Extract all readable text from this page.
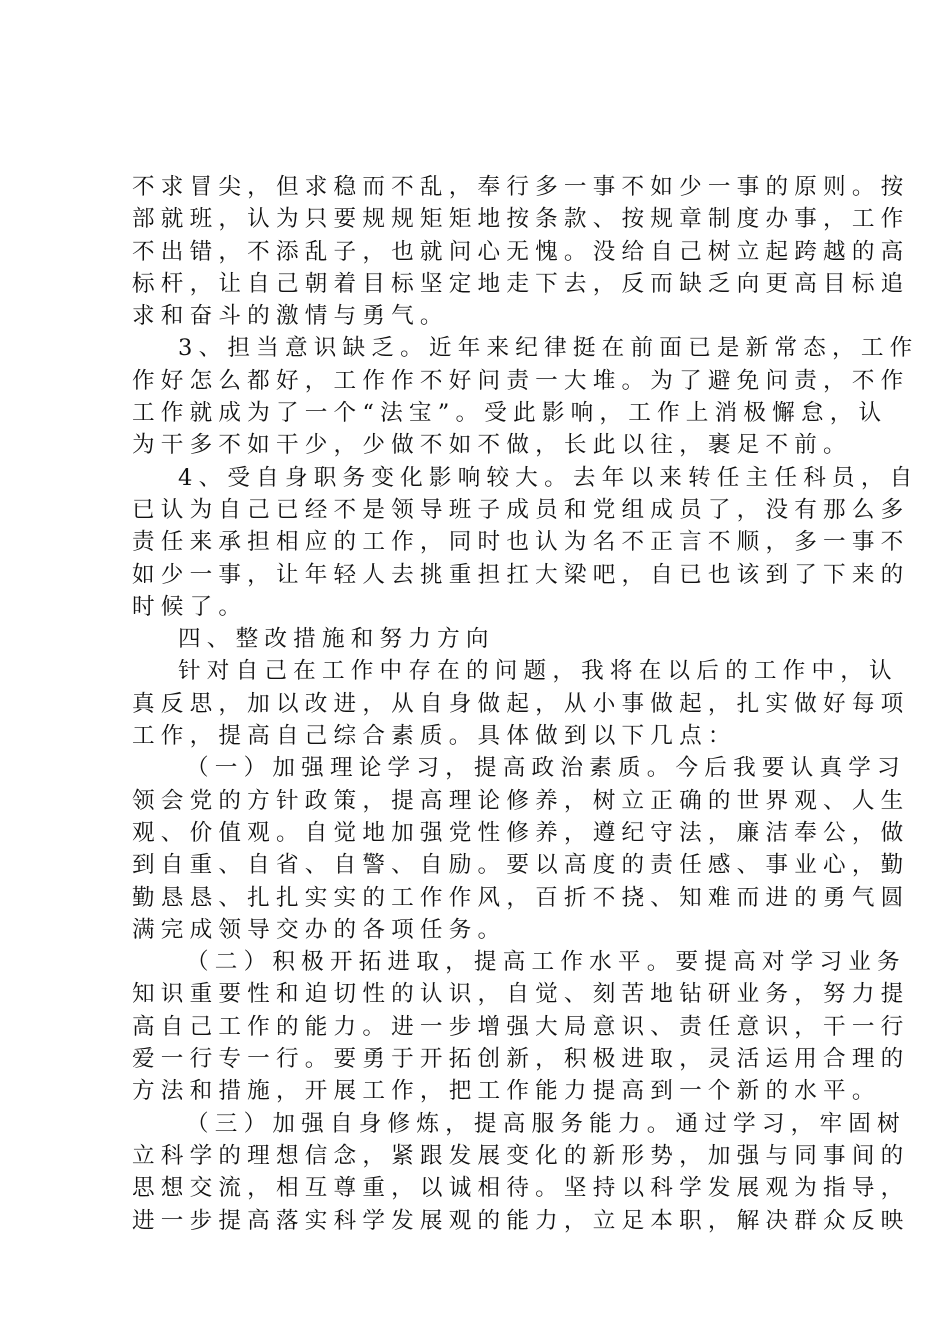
不求冒尖，但求稳而不乱，奉行多一事不如少一事的原则。按
部就班，认为只要规规矩矩地按条款、按规章制度办事，工作
不出错，不添乱子，也就问心无愧。没给自己树立起跨越的高
标杆，让自己朝着目标坚定地走下去，反而缺乏向更高目标追
求和奋斗的激情与勇气。
3、担当意识缺乏。近年来纪律挺在前面已是新常态，工作
作好怎么都好，工作作不好问责一大堆。为了避免问责，不作
工作就成为了一个“法宝”。受此影响，工作上消极懈怠，认
为干多不如干少，少做不如不做，长此以往，裹足不前。
4、受自身职务变化影响较大。去年以来转任主任科员，自
已认为自己已经不是领导班子成员和党组成员了，没有那么多
责任来承担相应的工作，同时也认为名不正言不顺，多一事不
如少一事，让年轻人去挑重担扛大梁吧，自已也该到了下来的
时候了。
四、整改措施和努力方向
针对自己在工作中存在的问题，我将在以后的工作中，认
真反思，加以改进，从自身做起，从小事做起，扎实做好每项
工作，提高自己综合素质。具体做到以下几点：
（一）加强理论学习，提高政治素质。今后我要认真学习
领会党的方针政策，提高理论修养，树立正确的世界观、人生
观、价值观。自觉地加强党性修养，遵纪守法，廉洁奉公，做
到自重、自省、自警、自励。要以高度的责任感、事业心，勤
勤恳恳、扎扎实实的工作作风，百折不挠、知难而进的勇气圆
满完成领导交办的各项任务。
（二）积极开拓进取，提高工作水平。要提高对学习业务
知识重要性和迫切性的认识，自觉、刻苦地钻研业务，努力提
高自己工作的能力。进一步增强大局意识、责任意识，干一行
爱一行专一行。要勇于开拓创新，积极进取，灵活运用合理的
方法和措施，开展工作，把工作能力提高到一个新的水平。
（三）加强自身修炼，提高服务能力。通过学习，牢固树
立科学的理想信念，紧跟发展变化的新形势，加强与同事间的
思想交流，相互尊重，以诚相待。坚持以科学发展观为指导，
进一步提高落实科学发展观的能力，立足本职，解决群众反映
